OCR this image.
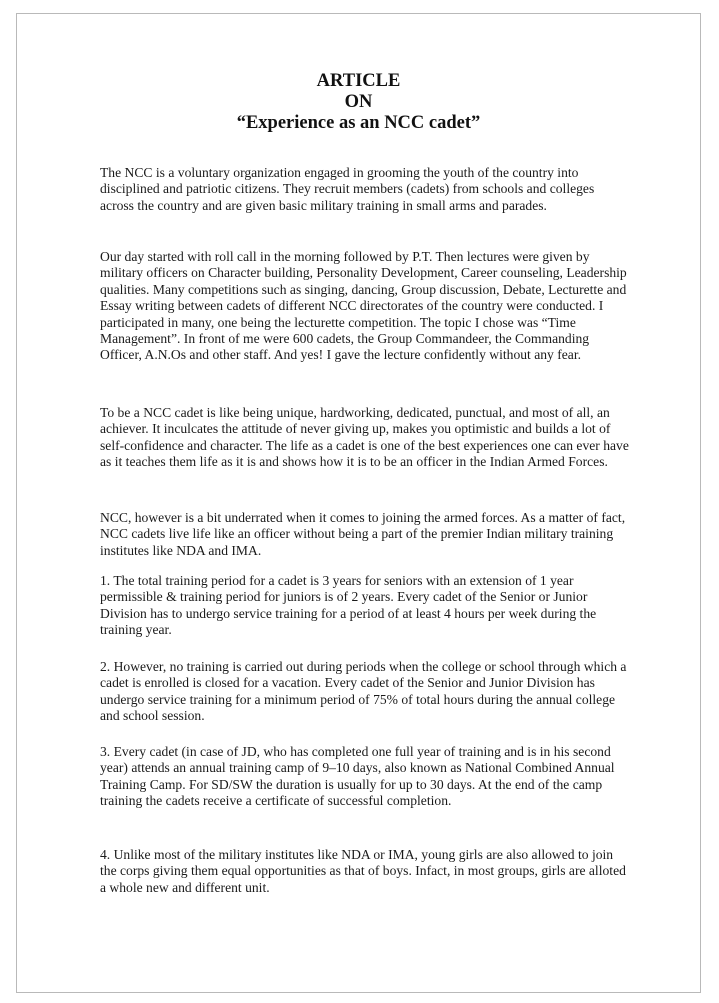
ARTICLE
ON
“Experience as an NCC cadet”

The NCC is a voluntary organization engaged in grooming the youth of the country into disciplined and patriotic citizens. They recruit members (cadets) from schools and colleges across the country and are given basic military training in small arms and parades.

Our day started with roll call in the morning followed by P.T. Then lectures were given by military officers on Character building, Personality Development, Career counseling, Leadership qualities. Many competitions such as singing, dancing, Group discussion, Debate, Lecturette and Essay writing between cadets of different NCC directorates of the country were conducted. I participated in many, one being the lecturette competition. The topic I chose was “Time Management”. In front of me were 600 cadets, the Group Commandeer, the Commanding Officer, A.N.Os and other staff. And yes! I gave the lecture confidently without any fear.

To be a NCC cadet is like being unique, hardworking, dedicated, punctual, and most of all, an achiever. It inculcates the attitude of never giving up, makes you optimistic and builds a lot of self-confidence and character. The life as a cadet is one of the best experiences one can ever have as it teaches them life as it is and shows how it is to be an officer in the Indian Armed Forces.

NCC, however is a bit underrated when it comes to joining the armed forces. As a matter of fact, NCC cadets live life like an officer without being a part of the premier Indian military training institutes like NDA and IMA.

1. The total training period for a cadet is 3 years for seniors with an extension of 1 year permissible & training period for juniors is of 2 years. Every cadet of the Senior or Junior Division has to undergo service training for a period of at least 4 hours per week during the training year.

2. However, no training is carried out during periods when the college or school through which a cadet is enrolled is closed for a vacation. Every cadet of the Senior and Junior Division has undergo service training for a minimum period of 75% of total hours during the annual college and school session.

3. Every cadet (in case of JD, who has completed one full year of training and is in his second year) attends an annual training camp of 9–10 days, also known as National Combined Annual Training Camp. For SD/SW the duration is usually for up to 30 days. At the end of the camp training the cadets receive a certificate of successful completion.

4. Unlike most of the military institutes like NDA or IMA, young girls are also allowed to join the corps giving them equal opportunities as that of boys. Infact, in most groups, girls are alloted a whole new and different unit.
